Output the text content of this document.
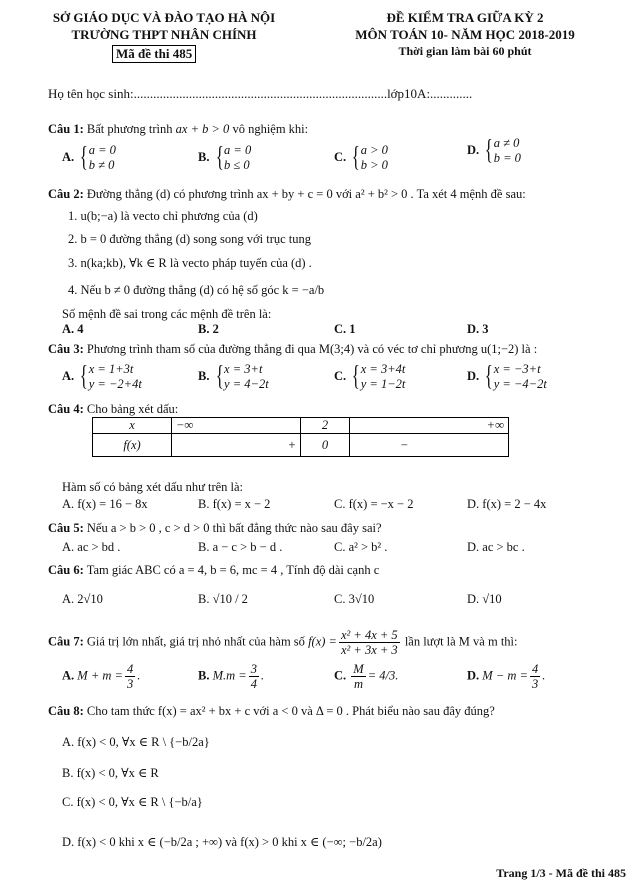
SỞ GIÁO DỤC VÀ ĐÀO TẠO HÀ NỘI
TRƯỜNG THPT NHÂN CHÍNH
Mã đề thi 485
ĐỀ KIỂM TRA GIỮA KỲ 2
MÔN TOÁN 10- NĂM HỌC 2018-2019
Thời gian làm bài 60 phút
Họ tên học sinh:..............................................................................lớp10A:.............
Câu 1: Bất phương trình ax + b > 0 vô nghiệm khi:
A. {a = 0
b ≠ 0
B. {a = 0
b ≤ 0
C. {a > 0
b > 0
D. {a ≠ 0
b = 0
Câu 2: Đường thẳng (d) có phương trình ax + by + c = 0 với a² + b² > 0 . Ta xét 4 mệnh đề sau:
1. u(b;−a) là vecto chỉ phương của (d)
2. b = 0 đường thẳng (d) song song với trục tung
3. n(ka;kb), ∀k ∈ R là vecto pháp tuyến của (d) .
4. Nếu b ≠ 0 đường thẳng (d) có hệ số góc k = −a/b
Số mệnh đề sai trong các mệnh đề trên là:
A. 4	B. 2	C. 1	D. 3
Câu 3: Phương trình tham số của đường thẳng đi qua M(3;4) và có véc tơ chỉ phương u(1;−2) là :
A. {x = 1+3t
y = −2+4t
B. {x = 3+t
y = 4−2t
C. {x = 3+4t
y = 1−2t
D. {x = −3+t
y = −4−2t
Câu 4: Cho bảng xét dấu:
x	−∞	2	+∞
f(x)	+	0	−
Hàm số có bảng xét dấu như trên là:
A. f(x) = 16 − 8x	B. f(x) = x − 2	C. f(x) = −x − 2	D. f(x) = 2 − 4x
Câu 5: Nếu a > b > 0 , c > d > 0 thì bất đẳng thức nào sau đây sai?
A. ac > bd .	B. a − c > b − d .	C. a² > b² .	D. ac > bc .
Câu 6: Tam giác ABC có a = 4, b = 6, mc = 4 , Tính độ dài cạnh c
A. 2√10	B. √10 / 2	C. 3√10	D. √10
Câu 7: Giá trị lớn nhất, giá trị nhỏ nhất của hàm số $f(x) = \frac{\text{x² + 4x + 5}}{\text{x² + 3x + 3}}$ lần lượt là M và m thì:
A. $M + m = \frac{4}{3}$ .	B. $M.m = \frac{3}{4}$ .	C. $\frac{M}{m} = 4/3$.	D. $M - m = \frac{4}{3}$ .
Câu 8: Cho tam thức f(x) = ax² + bx + c với a < 0 và Δ = 0 . Phát biểu nào sau đây đúng?
A. f(x) < 0, ∀x ∈ R \ {−b/2a}
B. f(x) < 0, ∀x ∈ R
C. f(x) < 0, ∀x ∈ R \ {−b/a}
D. f(x) < 0 khi x ∈ (−b/2a ; +∞) và f(x) > 0 khi x ∈ (−∞; −b/2a)
Trang 1/3 - Mã đề thi 485
